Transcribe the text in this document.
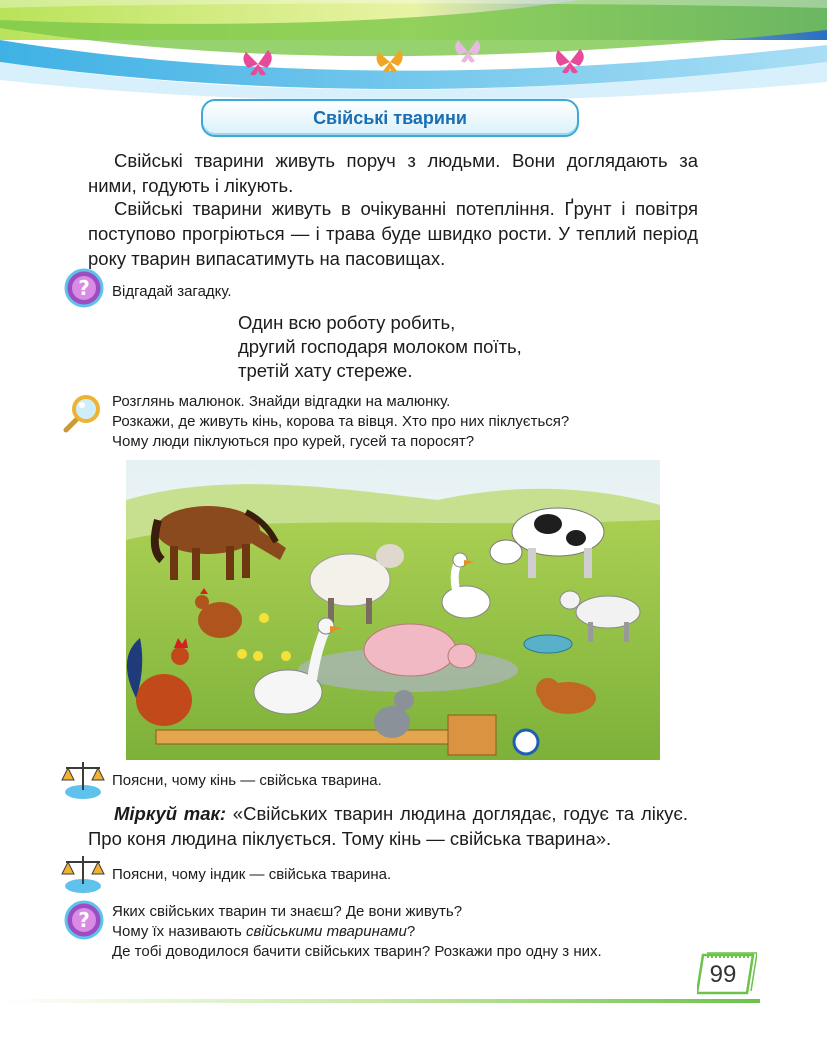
Свійські тварини
Свійські тварини живуть поруч з людьми. Вони доглядають за ними, годують і лікують.
Свійські тварини живуть в очікуванні потепління. Ґрунт і повітря поступово прогріються — і трава буде швидко рости. У теплий період року тварин випасатимуть на пасовищах.
? Відгадай загадку.
Один всю роботу робить,
другий господаря молоком поїть,
третій хату стереже.
Розглянь малюнок. Знайди відгадки на малюнку.
Розкажи, де живуть кінь, корова та вівця. Хто про них піклується?
Чому люди піклуються про курей, гусей та поросят?
Поясни, чому кінь — свійська тварина.
Міркуй так: «Свійських тварин людина доглядає, годує та лікує. Про коня людина піклується. Тому кінь — свійська тварина».
Поясни, чому індик — свійська тварина.
? Яких свійських тварин ти знаєш? Де вони живуть?
Чому їх називають свійськими тваринами?
Де тобі доводилося бачити свійських тварин? Розкажи про одну з них.
99
